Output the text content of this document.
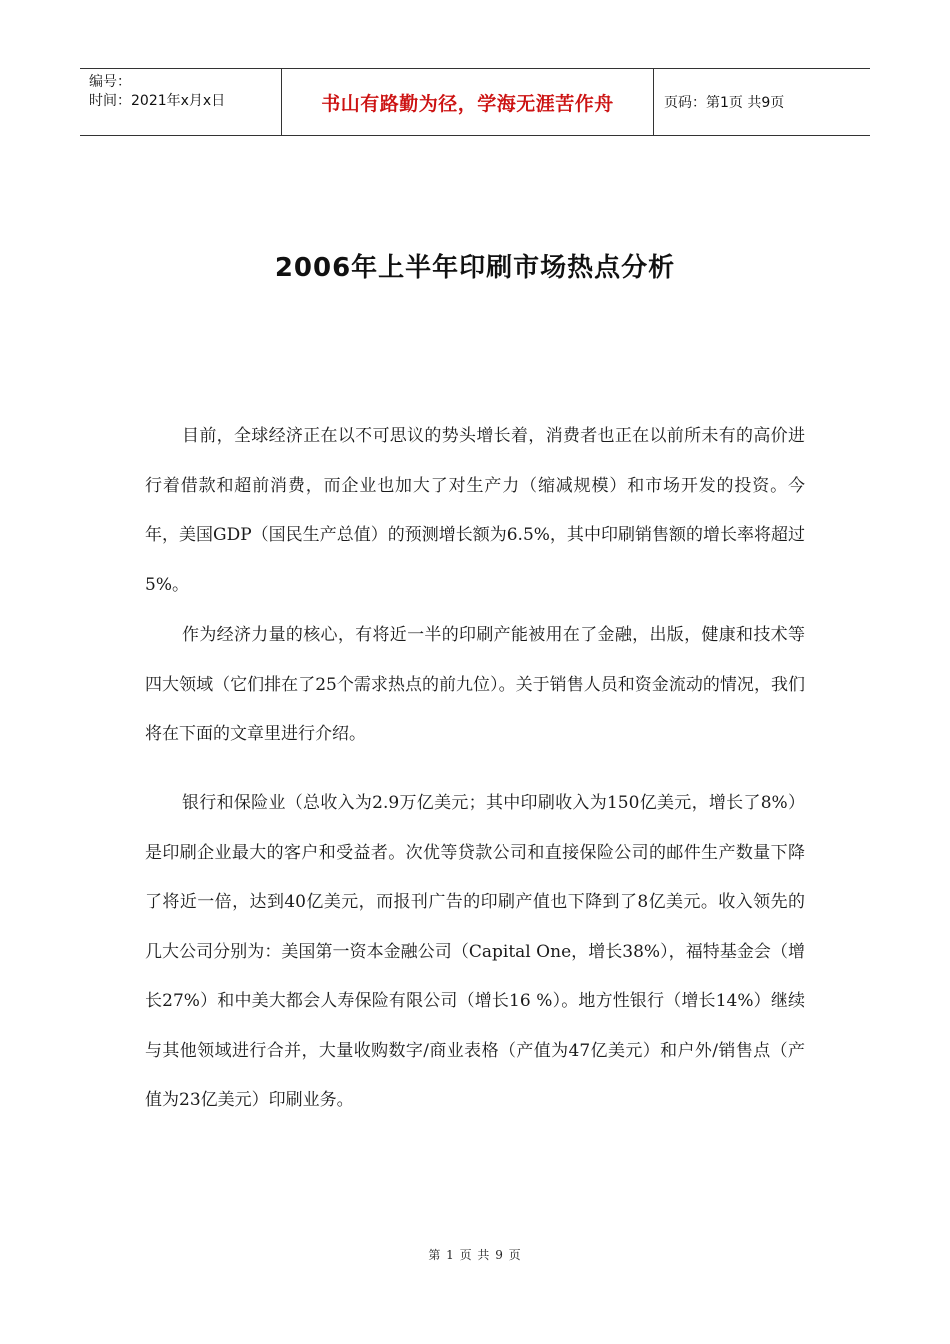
编号：
时间：2021年x月x日	书山有路勤为径，学海无涯苦作舟	页码：第1页 共9页
2006年上半年印刷市场热点分析

目前，全球经济正在以不可思议的势头增长着，消费者也正在以前所未有的高价进行着借款和超前消费，而企业也加大了对生产力（缩减规模）和市场开发的投资。今年，美国GDP（国民生产总值）的预测增长额为6.5%，其中印刷销售额的增长率将超过5%。

作为经济力量的核心，有将近一半的印刷产能被用在了金融，出版，健康和技术等四大领域（它们排在了25个需求热点的前九位）。关于销售人员和资金流动的情况，我们将在下面的文章里进行介绍。

银行和保险业（总收入为2.9万亿美元；其中印刷收入为150亿美元，增长了8%）是印刷企业最大的客户和受益者。次优等贷款公司和直接保险公司的邮件生产数量下降了将近一倍，达到40亿美元，而报刊广告的印刷产值也下降到了8亿美元。收入领先的几大公司分别为：美国第一资本金融公司（Capital One，增长38%），福特基金会（增长27%）和中美大都会人寿保险有限公司（增长16 %）。地方性银行（增长14%）继续与其他领域进行合并，大量收购数字/商业表格（产值为47亿美元）和户外/销售点（产值为23亿美元）印刷业务。

第 1 页 共 9 页
